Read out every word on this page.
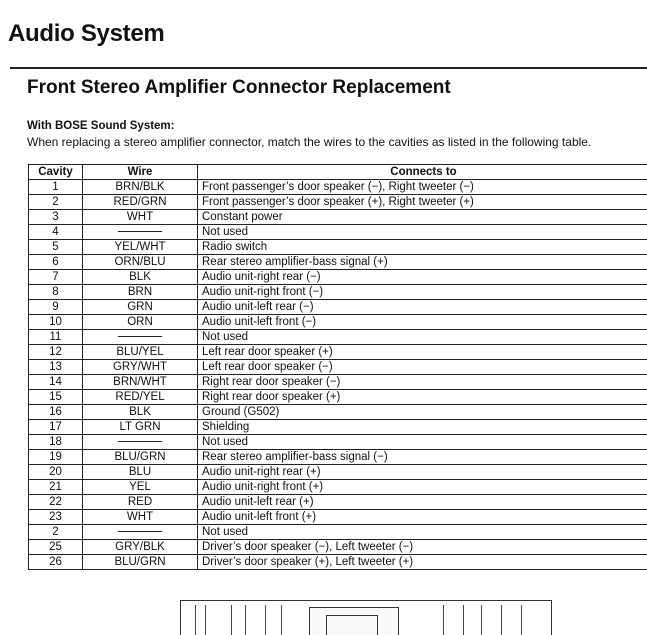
Audio System
Front Stereo Amplifier Connector Replacement
With BOSE Sound System:
When replacing a stereo amplifier connector, match the wires to the cavities as listed in the following table.
Cavity	Wire	Connects to
1	BRN/BLK	Front passenger’s door speaker (−), Right tweeter (−)
2	RED/GRN	Front passenger’s door speaker (+), Right tweeter (+)
3	WHT	Constant power
4		Not used
5	YEL/WHT	Radio switch
6	ORN/BLU	Rear stereo amplifier-bass signal (+)
7	BLK	Audio unit-right rear (−)
8	BRN	Audio unit-right front (−)
9	GRN	Audio unit-left rear (−)
10	ORN	Audio unit-left front (−)
11		Not used
12	BLU/YEL	Left rear door speaker (+)
13	GRY/WHT	Left rear door speaker (−)
14	BRN/WHT	Right rear door speaker (−)
15	RED/YEL	Right rear door speaker (+)
16	BLK	Ground (G502)
17	LT GRN	Shielding
18		Not used
19	BLU/GRN	Rear stereo amplifier-bass signal (−)
20	BLU	Audio unit-right rear (+)
21	YEL	Audio unit-right front (+)
22	RED	Audio unit-left rear (+)
23	WHT	Audio unit-left front (+)
2		Not used
25	GRY/BLK	Driver’s door speaker (−), Left tweeter (−)
26	BLU/GRN	Driver’s door speaker (+), Left tweeter (+)
